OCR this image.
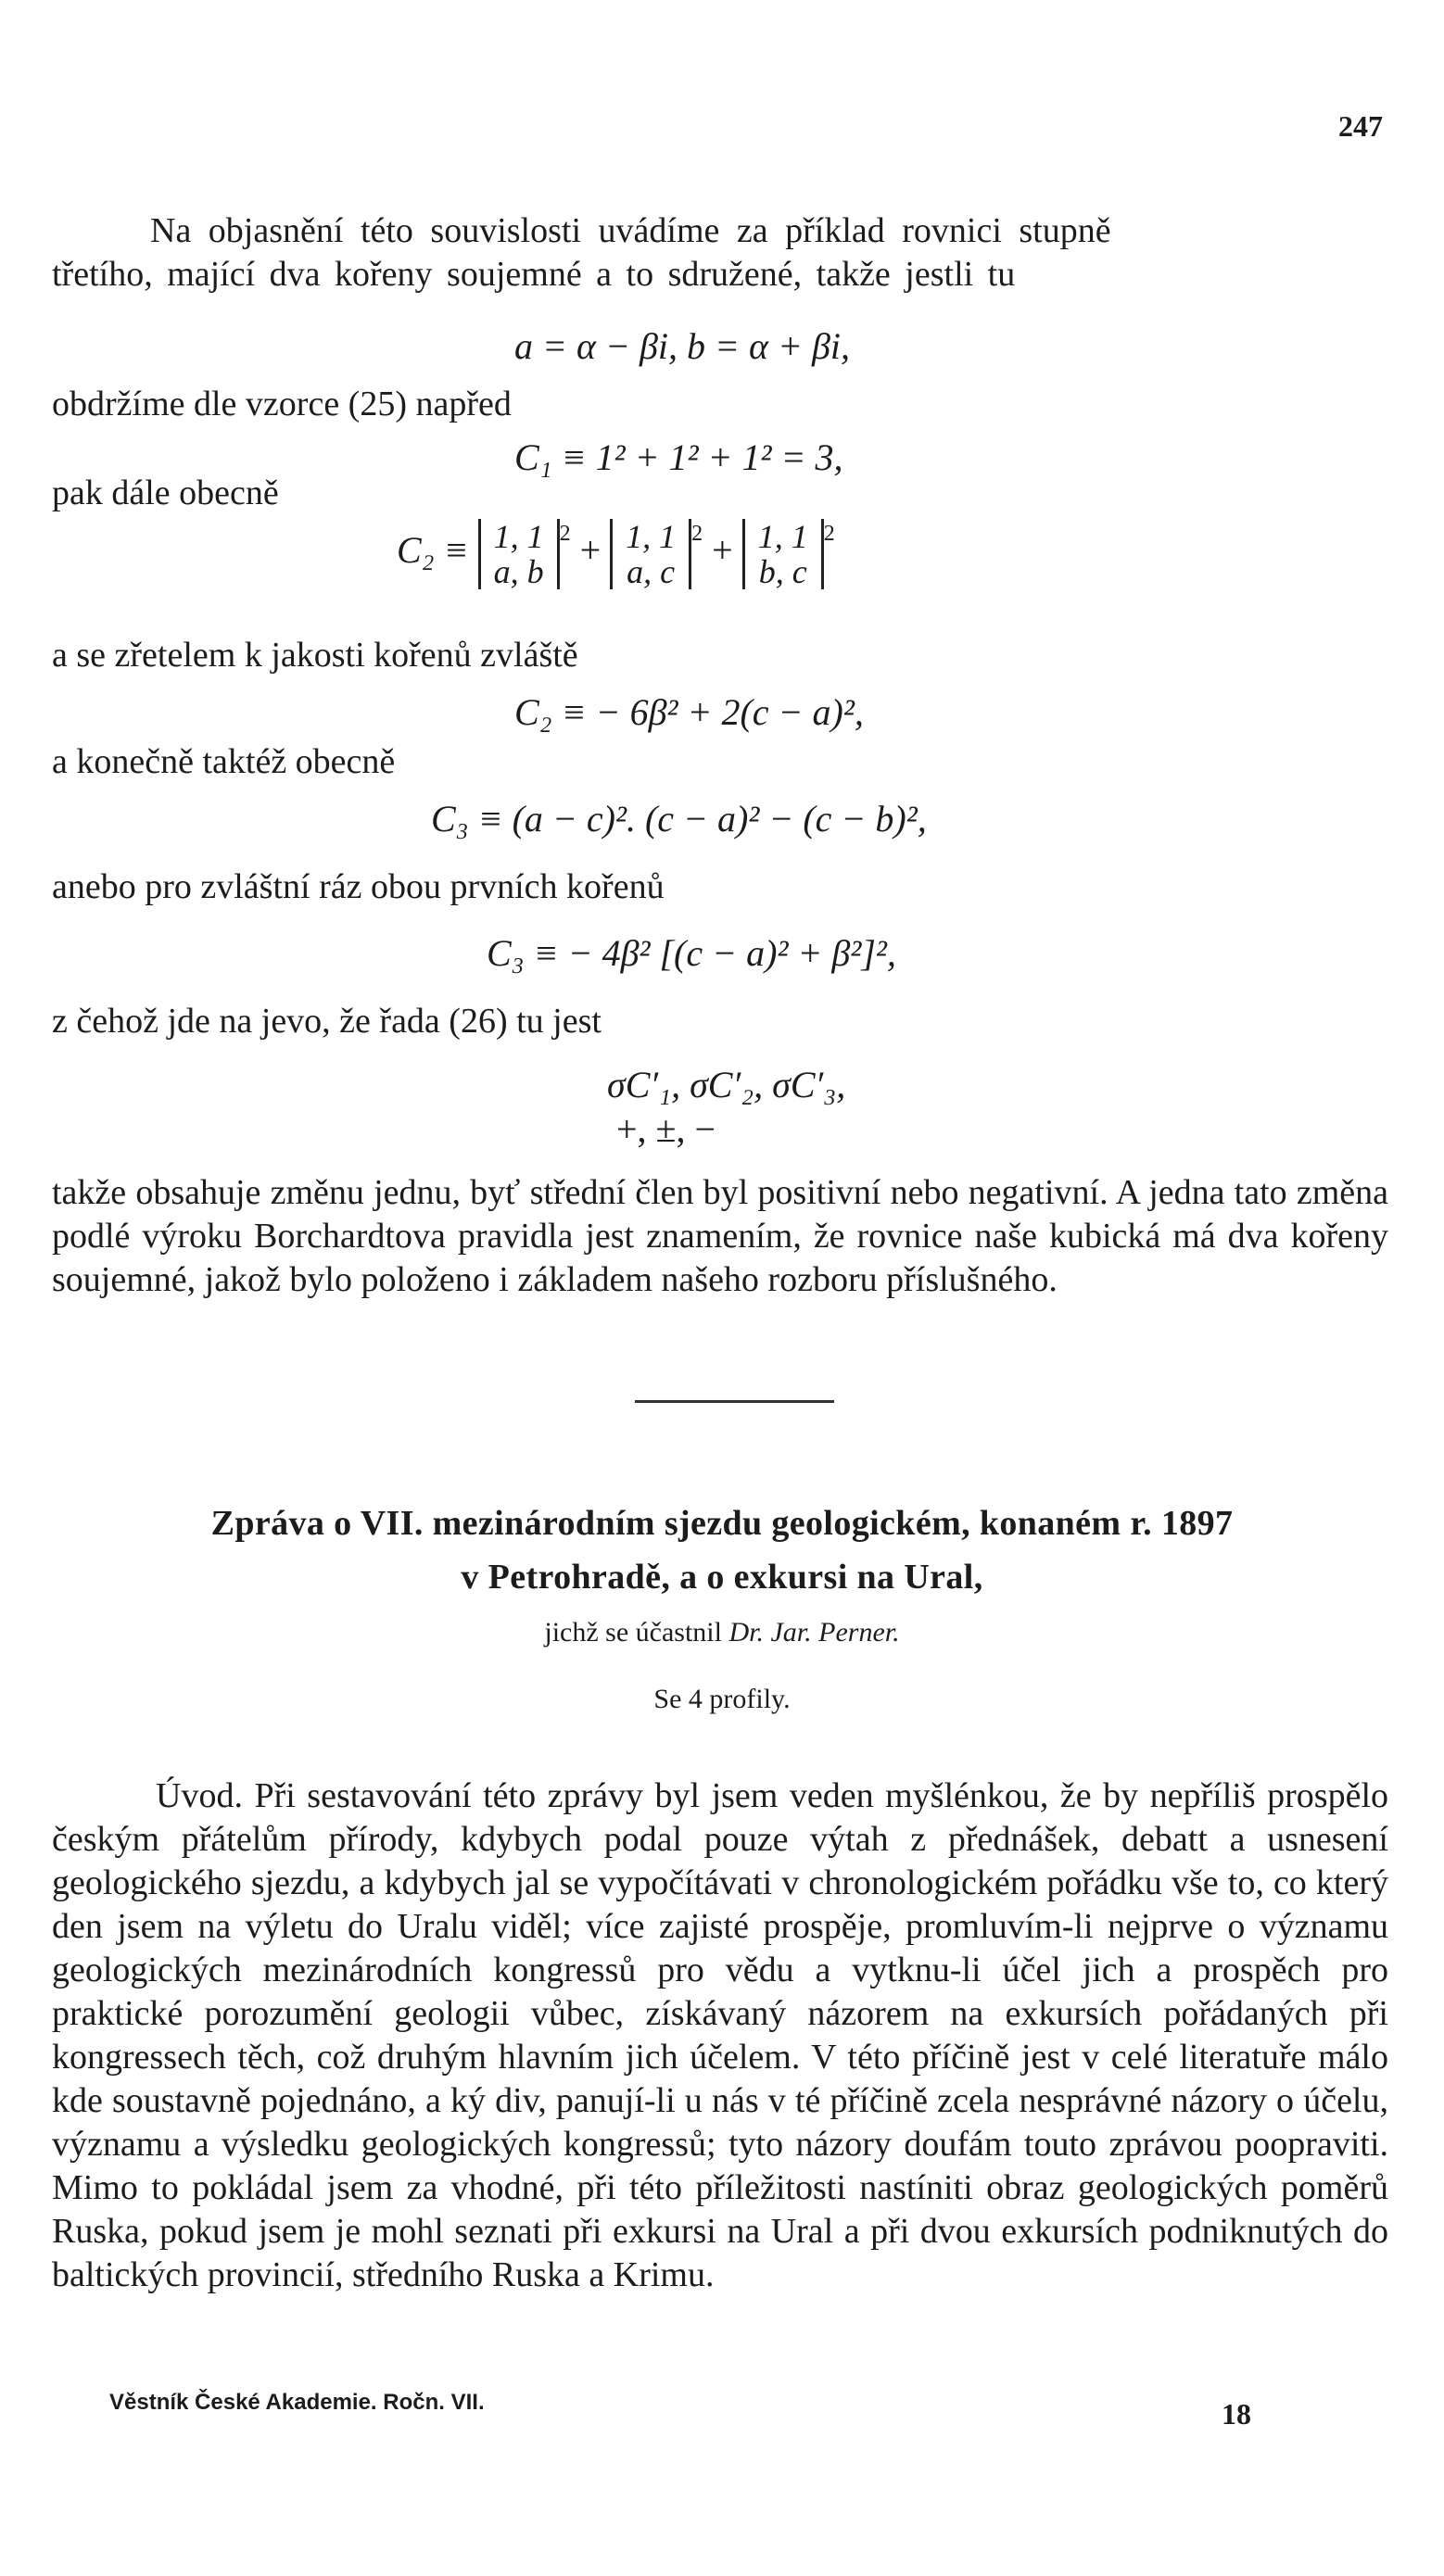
247
Na objasnění této souvislosti uvádíme za příklad rovnici stupně
třetího, mající dva kořeny soujemné a to sdružené, takže jestli tu
a = α − βi, b = α + βi,
obdržíme dle vzorce (25) napřed
C₁ ≡ 1² + 1² + 1² = 3,
pak dále obecně
C₂ ≡ 1, 1
a, $b^2 + 1$, 1
a, $c^2 + 1$, 1
b, $c^2$
a se zřetelem k jakosti kořenů zvláště
C₂ ≡ − 6β² + 2(c − a)²,
a konečně taktéž obecně
C₃ ≡ (a − c)². (c − a)² − (c − b)²,
anebo pro zvláštní ráz obou prvních kořenů
C₃ ≡ − 4β² [(c − a)² + β²]²,
z čehož jde na jevo, že řada (26) tu jest
σC′₁, σC′₂, σC′₃,
+, ±, −
takže obsahuje změnu jednu, byť střední člen byl positivní nebo negativní. A jedna tato změna podlé výroku Borchardtova pravidla jest znamením, že rovnice naše kubická má dva kořeny soujemné, jakož bylo položeno i základem našeho rozboru příslušného.
Zpráva o VII. mezinárodním sjezdu geologickém, konaném r. 1897
v Petrohradě, a o exkursi na Ural,
jichž se účastnil Dr. Jar. Perner.
Se 4 profily.
Úvod. Při sestavování této zprávy byl jsem veden myšlénkou, že by nepříliš prospělo českým přátelům přírody, kdybych podal pouze výtah z přednášek, debatt a usnesení geologického sjezdu, a kdybych jal se vypočítávati v chronologickém pořádku vše to, co který den jsem na výletu do Uralu viděl; více zajisté prospěje, promluvím-li nejprve o významu geologických mezinárodních kongressů pro vědu a vytknu-li účel jich a prospěch pro praktické porozumění geologii vůbec, získávaný názorem na exkursích pořádaných při kongressech těch, což druhým hlavním jich účelem. V této příčině jest v celé literatuře málo kde soustavně pojednáno, a ký div, panují-li u nás v té příčině zcela nesprávné názory o účelu, významu a výsledku geologických kongressů; tyto názory doufám touto zprávou poopraviti. Mimo to pokládal jsem za vhodné, při této příležitosti nastíniti obraz geologických poměrů Ruska, pokud jsem je mohl seznati při exkursi na Ural a při dvou exkursích podniknutých do baltických provincií, středního Ruska a Krimu.
Věstník České Akademie. Ročn. VII.	18
